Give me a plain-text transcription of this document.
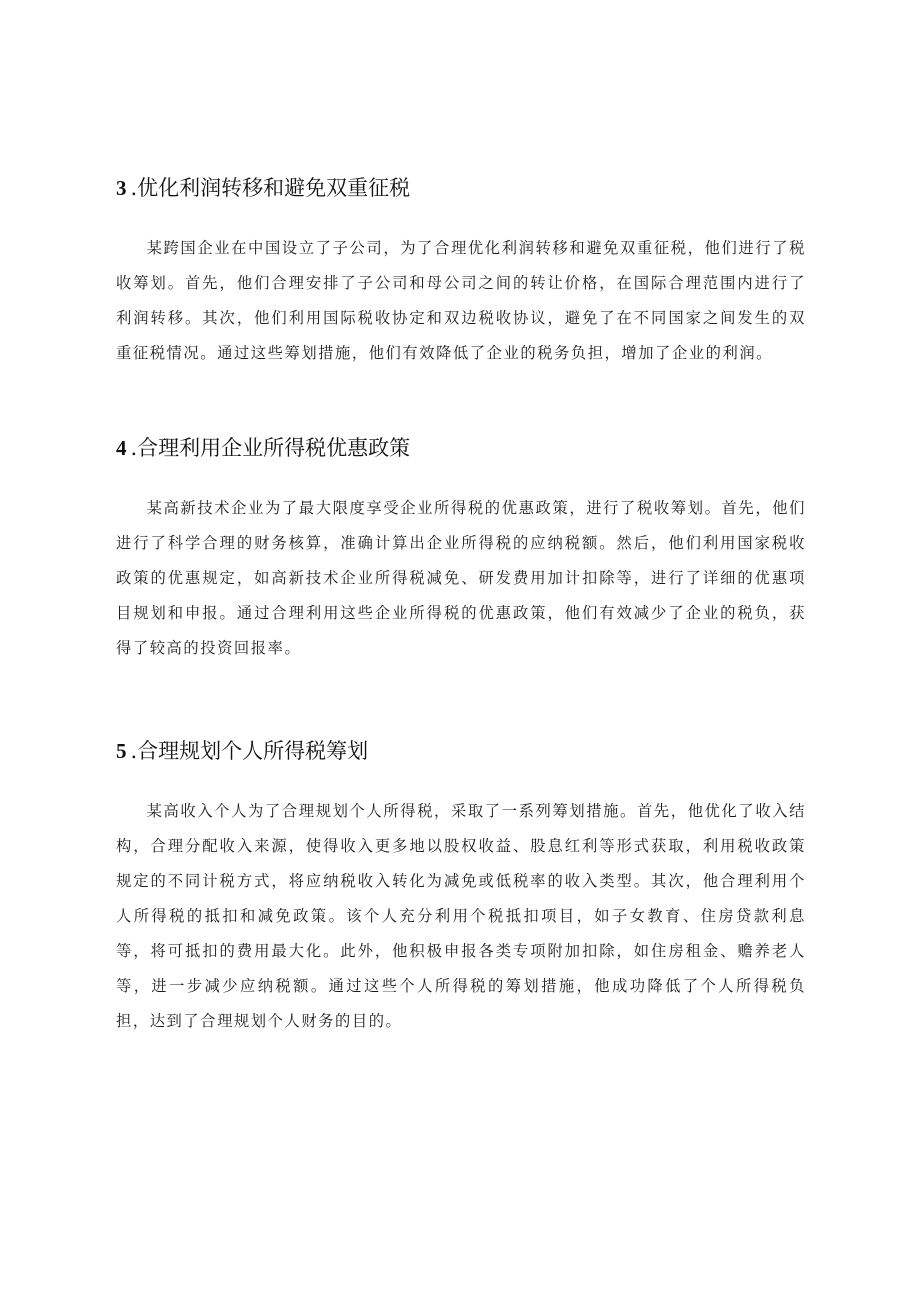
3 .优化利润转移和避免双重征税

某跨国企业在中国设立了子公司，为了合理优化利润转移和避免双重征税，他们进行了税收筹划。首先，他们合理安排了子公司和母公司之间的转让价格，在国际合理范围内进行了利润转移。其次，他们利用国际税收协定和双边税收协议，避免了在不同国家之间发生的双重征税情况。通过这些筹划措施，他们有效降低了企业的税务负担，增加了企业的利润。

4 .合理利用企业所得税优惠政策

某高新技术企业为了最大限度享受企业所得税的优惠政策，进行了税收筹划。首先，他们进行了科学合理的财务核算，准确计算出企业所得税的应纳税额。然后，他们利用国家税收政策的优惠规定，如高新技术企业所得税减免、研发费用加计扣除等，进行了详细的优惠项目规划和申报。通过合理利用这些企业所得税的优惠政策，他们有效减少了企业的税负，获得了较高的投资回报率。

5 .合理规划个人所得税筹划

某高收入个人为了合理规划个人所得税，采取了一系列筹划措施。首先，他优化了收入结构，合理分配收入来源，使得收入更多地以股权收益、股息红利等形式获取，利用税收政策规定的不同计税方式，将应纳税收入转化为减免或低税率的收入类型。其次，他合理利用个人所得税的抵扣和减免政策。该个人充分利用个税抵扣项目，如子女教育、住房贷款利息等，将可抵扣的费用最大化。此外，他积极申报各类专项附加扣除，如住房租金、赡养老人等，进一步减少应纳税额。通过这些个人所得税的筹划措施，他成功降低了个人所得税负担，达到了合理规划个人财务的目的。
